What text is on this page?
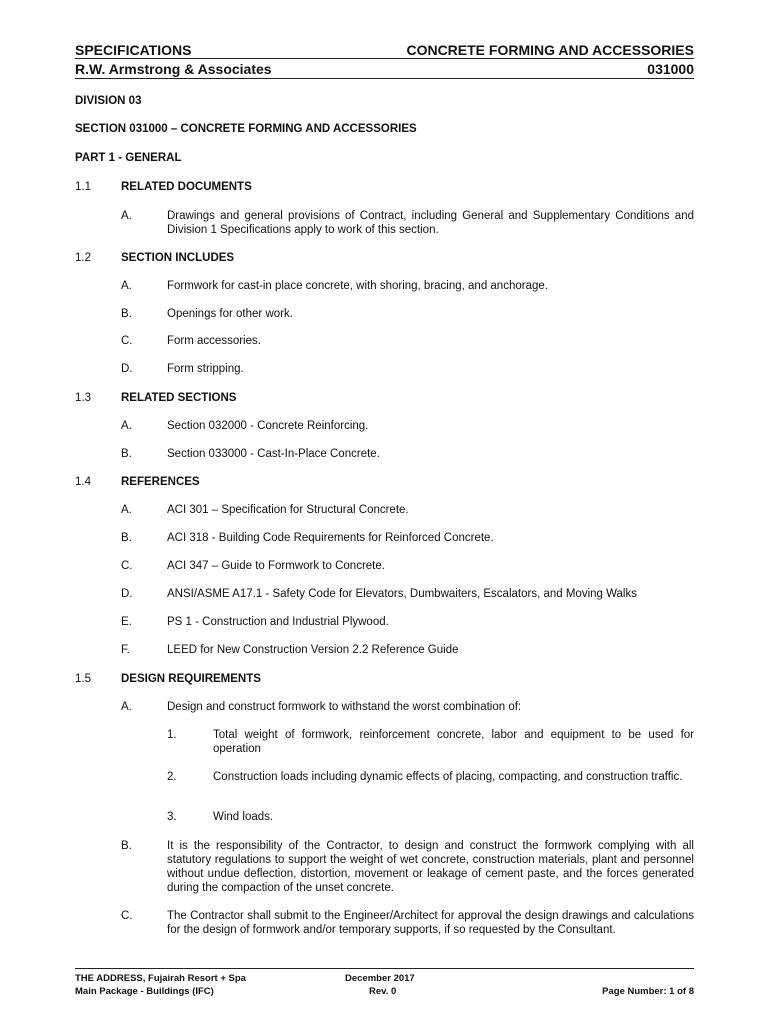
SPECIFICATIONS	CONCRETE FORMING AND ACCESSORIES
R.W. Armstrong & Associates	031000
DIVISION 03
SECTION 031000 – CONCRETE FORMING AND ACCESSORIES
PART 1 - GENERAL
1.1	RELATED DOCUMENTS
A.	Drawings and general provisions of Contract, including General and Supplementary Conditions and Division 1 Specifications apply to work of this section.
1.2	SECTION INCLUDES
A.	Formwork for cast-in place concrete, with shoring, bracing, and anchorage.
B.	Openings for other work.
C.	Form accessories.
D.	Form stripping.
1.3	RELATED SECTIONS
A.	Section 032000 - Concrete Reinforcing.
B.	Section 033000 - Cast-In-Place Concrete.
1.4	REFERENCES
A.	ACI 301 – Specification for Structural Concrete.
B.	ACI 318 - Building Code Requirements for Reinforced Concrete.
C.	ACI 347 – Guide to Formwork to Concrete.
D.	ANSI/ASME A17.1 - Safety Code for Elevators, Dumbwaiters, Escalators, and Moving Walks
E.	PS 1 - Construction and Industrial Plywood.
F.	LEED for New Construction Version 2.2 Reference Guide
1.5	DESIGN REQUIREMENTS
A.	Design and construct formwork to withstand the worst combination of:
1.	Total weight of formwork, reinforcement concrete, labor and equipment to be used for operation
2.	Construction loads including dynamic effects of placing, compacting, and construction traffic.
3.	Wind loads.
B.	It is the responsibility of the Contractor, to design and construct the formwork complying with all statutory regulations to support the weight of wet concrete, construction materials, plant and personnel without undue deflection, distortion, movement or leakage of cement paste, and the forces generated during the compaction of the unset concrete.
C.	The Contractor shall submit to the Engineer/Architect for approval the design drawings and calculations for the design of formwork and/or temporary supports, if so requested by the Consultant.
THE ADDRESS, Fujairah Resort + Spa
Main Package - Buildings (IFC)
December 2017
Rev. 0	Page Number: 1 of 8
